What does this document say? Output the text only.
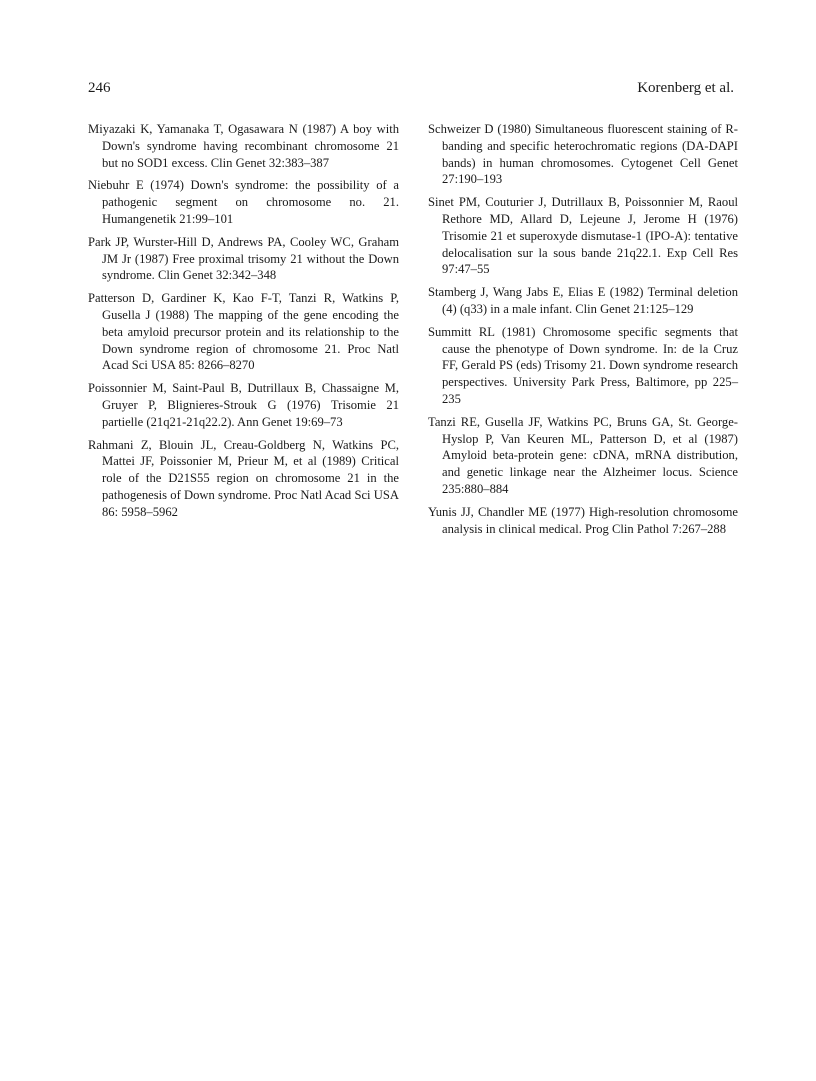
246	Korenberg et al.

Miyazaki K, Yamanaka T, Ogasawara N (1987) A boy with Down's syndrome having recombinant chromosome 21 but no SOD1 excess. Clin Genet 32:383–387

Niebuhr E (1974) Down's syndrome: the possibility of a pathogenic segment on chromosome no. 21. Humangenetik 21:99–101

Park JP, Wurster-Hill D, Andrews PA, Cooley WC, Graham JM Jr (1987) Free proximal trisomy 21 without the Down syndrome. Clin Genet 32:342–348

Patterson D, Gardiner K, Kao F-T, Tanzi R, Watkins P, Gusella J (1988) The mapping of the gene encoding the beta amyloid precursor protein and its relationship to the Down syndrome region of chromosome 21. Proc Natl Acad Sci USA 85: 8266–8270

Poissonnier M, Saint-Paul B, Dutrillaux B, Chassaigne M, Gruyer P, Blignieres-Strouk G (1976) Trisomie 21 partielle (21q21-21q22.2). Ann Genet 19:69–73

Rahmani Z, Blouin JL, Creau-Goldberg N, Watkins PC, Mattei JF, Poissonier M, Prieur M, et al (1989) Critical role of the D21S55 region on chromosome 21 in the pathogenesis of Down syndrome. Proc Natl Acad Sci USA 86: 5958–5962

Schweizer D (1980) Simultaneous fluorescent staining of R-banding and specific heterochromatic regions (DA-DAPI bands) in human chromosomes. Cytogenet Cell Genet 27:190–193

Sinet PM, Couturier J, Dutrillaux B, Poissonnier M, Raoul Rethore MD, Allard D, Lejeune J, Jerome H (1976) Trisomie 21 et superoxyde dismutase-1 (IPO-A): tentative delocalisation sur la sous bande 21q22.1. Exp Cell Res 97:47–55

Stamberg J, Wang Jabs E, Elias E (1982) Terminal deletion (4) (q33) in a male infant. Clin Genet 21:125–129

Summitt RL (1981) Chromosome specific segments that cause the phenotype of Down syndrome. In: de la Cruz FF, Gerald PS (eds) Trisomy 21. Down syndrome research perspectives. University Park Press, Baltimore, pp 225–235

Tanzi RE, Gusella JF, Watkins PC, Bruns GA, St. George-Hyslop P, Van Keuren ML, Patterson D, et al (1987) Amyloid beta-protein gene: cDNA, mRNA distribution, and genetic linkage near the Alzheimer locus. Science 235:880–884

Yunis JJ, Chandler ME (1977) High-resolution chromosome analysis in clinical medical. Prog Clin Pathol 7:267–288
